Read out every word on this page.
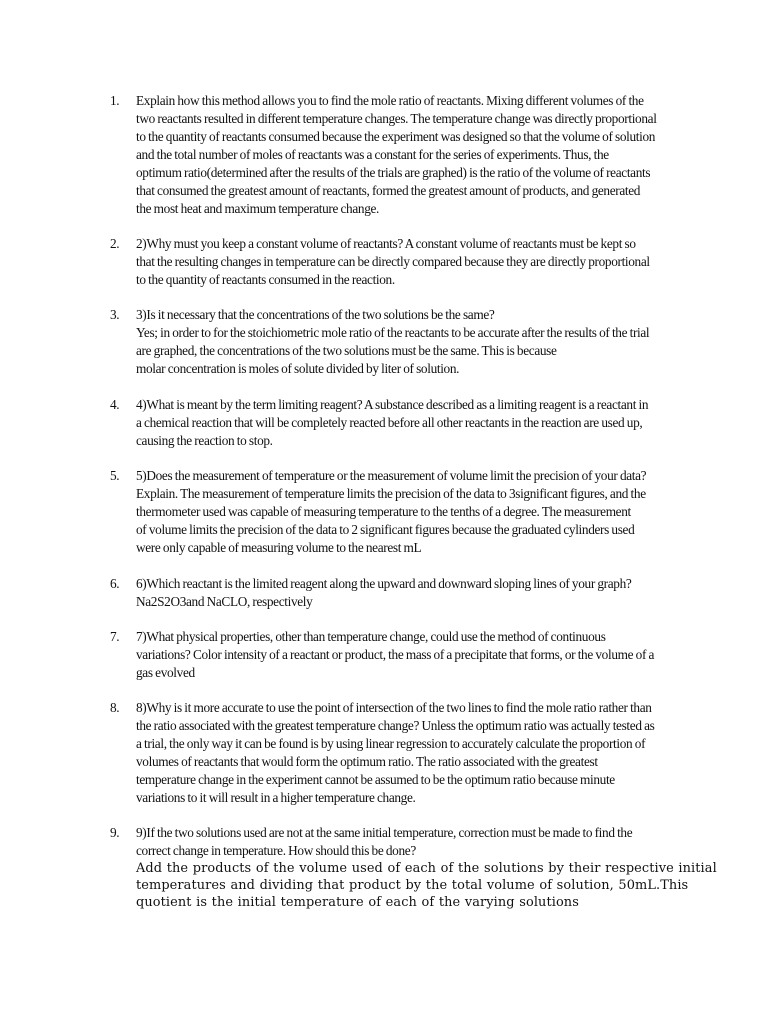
1.	Explain how this method allows you to find the mole ratio of reactants. Mixing different volumes of the
two reactants resulted in different temperature changes. The temperature change was directly proportional
to the quantity of reactants consumed because the experiment was designed so that the volume of solution
and the total number of moles of reactants was a constant for the series of experiments. Thus, the
optimum ratio(determined after the results of the trials are graphed) is the ratio of the volume of reactants
that consumed the greatest amount of reactants, formed the greatest amount of products, and generated
the most heat and maximum temperature change.
2.	2)Why must you keep a constant volume of reactants? A constant volume of reactants must be kept so
that the resulting changes in temperature can be directly compared because they are directly proportional
to the quantity of reactants consumed in the reaction.
3.	3)Is it necessary that the concentrations of the two solutions be the same?
Yes; in order to for the stoichiometric mole ratio of the reactants to be accurate after the results of the trial
are graphed, the concentrations of the two solutions must be the same. This is because
molar concentration is moles of solute divided by liter of solution.
4.	4)What is meant by the term limiting reagent? A substance described as a limiting reagent is a reactant in
a chemical reaction that will be completely reacted before all other reactants in the reaction are used up,
causing the reaction to stop.
5.	5)Does the measurement of temperature or the measurement of volume limit the precision of your data?
Explain. The measurement of temperature limits the precision of the data to 3significant figures, and the
thermometer used was capable of measuring temperature to the tenths of a degree. The measurement
of volume limits the precision of the data to 2 significant figures because the graduated cylinders used
were only capable of measuring volume to the nearest mL
6.	6)Which reactant is the limited reagent along the upward and downward sloping lines of your graph?
Na2S2O3and NaCLO, respectively
7.	7)What physical properties, other than temperature change, could use the method of continuous
variations? Color intensity of a reactant or product, the mass of a precipitate that forms, or the volume of a
gas evolved
8.	8)Why is it more accurate to use the point of intersection of the two lines to find the mole ratio rather than
the ratio associated with the greatest temperature change? Unless the optimum ratio was actually tested as
a trial, the only way it can be found is by using linear regression to accurately calculate the proportion of
volumes of reactants that would form the optimum ratio. The ratio associated with the greatest
temperature change in the experiment cannot be assumed to be the optimum ratio because minute
variations to it will result in a higher temperature change.
9.	9)If the two solutions used are not at the same initial temperature, correction must be made to find the
correct change in temperature. How should this be done?
Add the products of the volume used of each of the solutions by their respective initial
temperatures and dividing that product by the total volume of solution, 50mL.This
quotient is the initial temperature of each of the varying solutions
